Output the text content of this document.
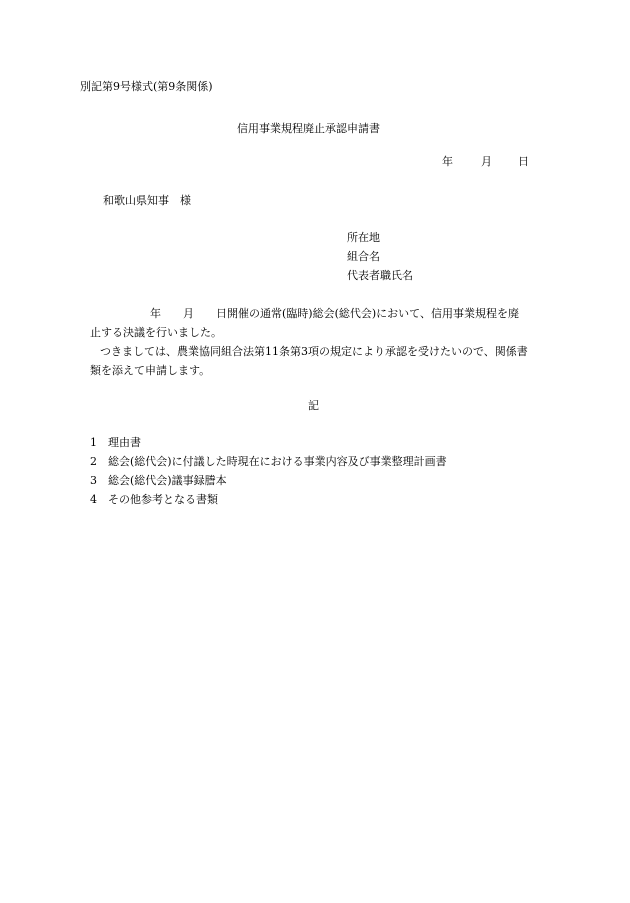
別記第9号様式(第9条関係)
信用事業規程廃止承認申請書
年	月 日
和歌山県知事　様
所在地
組合名
代表者職氏名

年　　月　　日開催の通常(臨時)総会(総代会)において、信用事業規程を廃

止する決議を行いました。

つきましては、農業協同組合法第11条第3項の規定により承認を受けたいので、関係書

類を添えて申請します。

記
1 理由書
2 総会(総代会)に付議した時現在における事業内容及び事業整理計画書
3 総会(総代会)議事録謄本
4 その他参考となる書類
